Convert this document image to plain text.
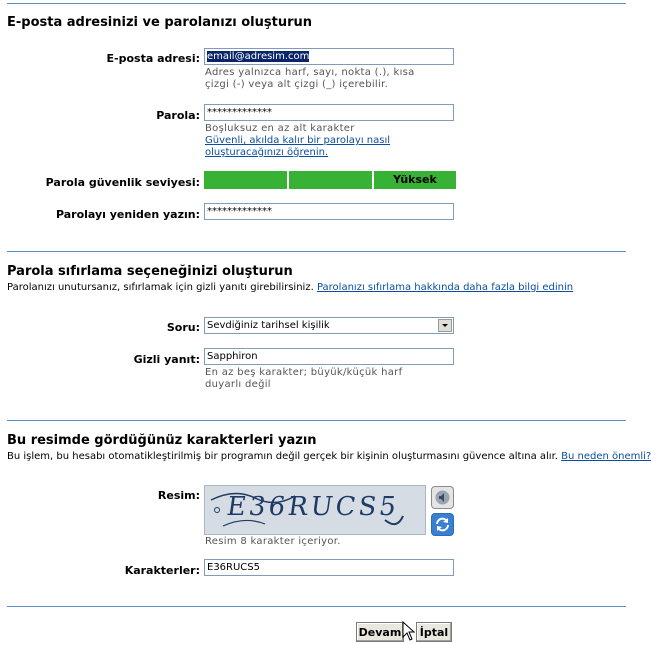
E-posta adresinizi ve parolanızı oluşturun
E-posta adresi: email@adresim.com
Adres yalnızca harf, sayı, nokta (.), kısa
çizgi (-) veya alt çizgi (_) içerebilir.
Parola: *************
Boşluksuz en az alt karakter
Güvenli, akılda kalır bir parolayı nasıl
oluşturacağınızı öğrenin.
Parola güvenlik seviyesi:	Yüksek
Parolayı yeniden yazın: *************
Parola sıfırlama seçeneğinizi oluşturun
Parolanızı unutursanız, sıfırlamak için gizli yanıtı girebilirsiniz. Parolanızı sıfırlama hakkında daha fazla bilgi edinin
Soru: Sevdiğiniz tarihsel kişilik
Gizli yanıt: Sapphiron
En az beş karakter; büyük/küçük harf
duyarlı değil
Bu resimde gördüğünüz karakterleri yazın
Bu işlem, bu hesabı otomatikleştirilmiş bir programın değil gerçek bir kişinin oluşturmasını güvence altına alır. Bu neden önemli?
Resim: E36RUCS5
Resim 8 karakter içeriyor.
Karakterler: E36RUCS5
Devam	İptal
